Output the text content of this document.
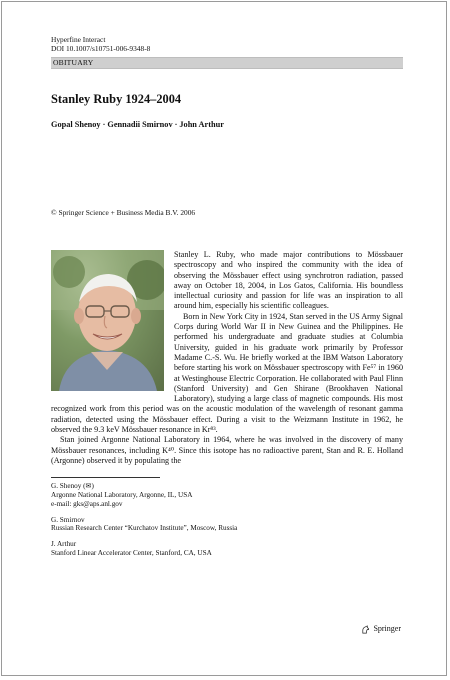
Hyperfine Interact
DOI 10.1007/s10751-006-9348-8
OBITUARY
Stanley Ruby 1924–2004
Gopal Shenoy · Gennadii Smirnov · John Arthur
© Springer Science + Business Media B.V. 2006

Stanley L. Ruby, who made major contributions to Mössbauer spectroscopy and who inspired the community with the idea of observing the Mössbauer effect using synchrotron radiation, passed away on October 18, 2004, in Los Gatos, California. His boundless intellectual curiosity and passion for life was an inspiration to all around him, especially his scientific colleagues.

Born in New York City in 1924, Stan served in the US Army Signal Corps during World War II in New Guinea and the Philippines. He performed his undergraduate and graduate studies at Columbia University, guided in his graduate work primarily by Professor Madame C.-S. Wu. He briefly worked at the IBM Watson Laboratory before starting his work on Mössbauer spectroscopy with Fe⁵⁷ in 1960 at Westinghouse Electric Corporation. He collaborated with Paul Flinn (Stanford University) and Gen Shirane (Brookhaven National Laboratory), studying a large class of magnetic compounds. His most recognized work from this period was on the acoustic modulation of the wavelength of resonant gamma radiation, detected using the Mössbauer effect. During a visit to the Weizmann Institute in 1962, he observed the 9.3 keV Mössbauer resonance in Kr⁸³.

Stan joined Argonne National Laboratory in 1964, where he was involved in the discovery of many Mössbauer resonances, including K⁴⁰. Since this isotope has no radioactive parent, Stan and R. E. Holland (Argonne) observed it by populating the

G. Shenoy (✉)
Argonne National Laboratory, Argonne, IL, USA
e-mail: gks@aps.anl.gov
G. Smirnov
Russian Research Center “Kurchatov Institute”, Moscow, Russia
J. Arthur
Stanford Linear Accelerator Center, Stanford, CA, USA
Springer
